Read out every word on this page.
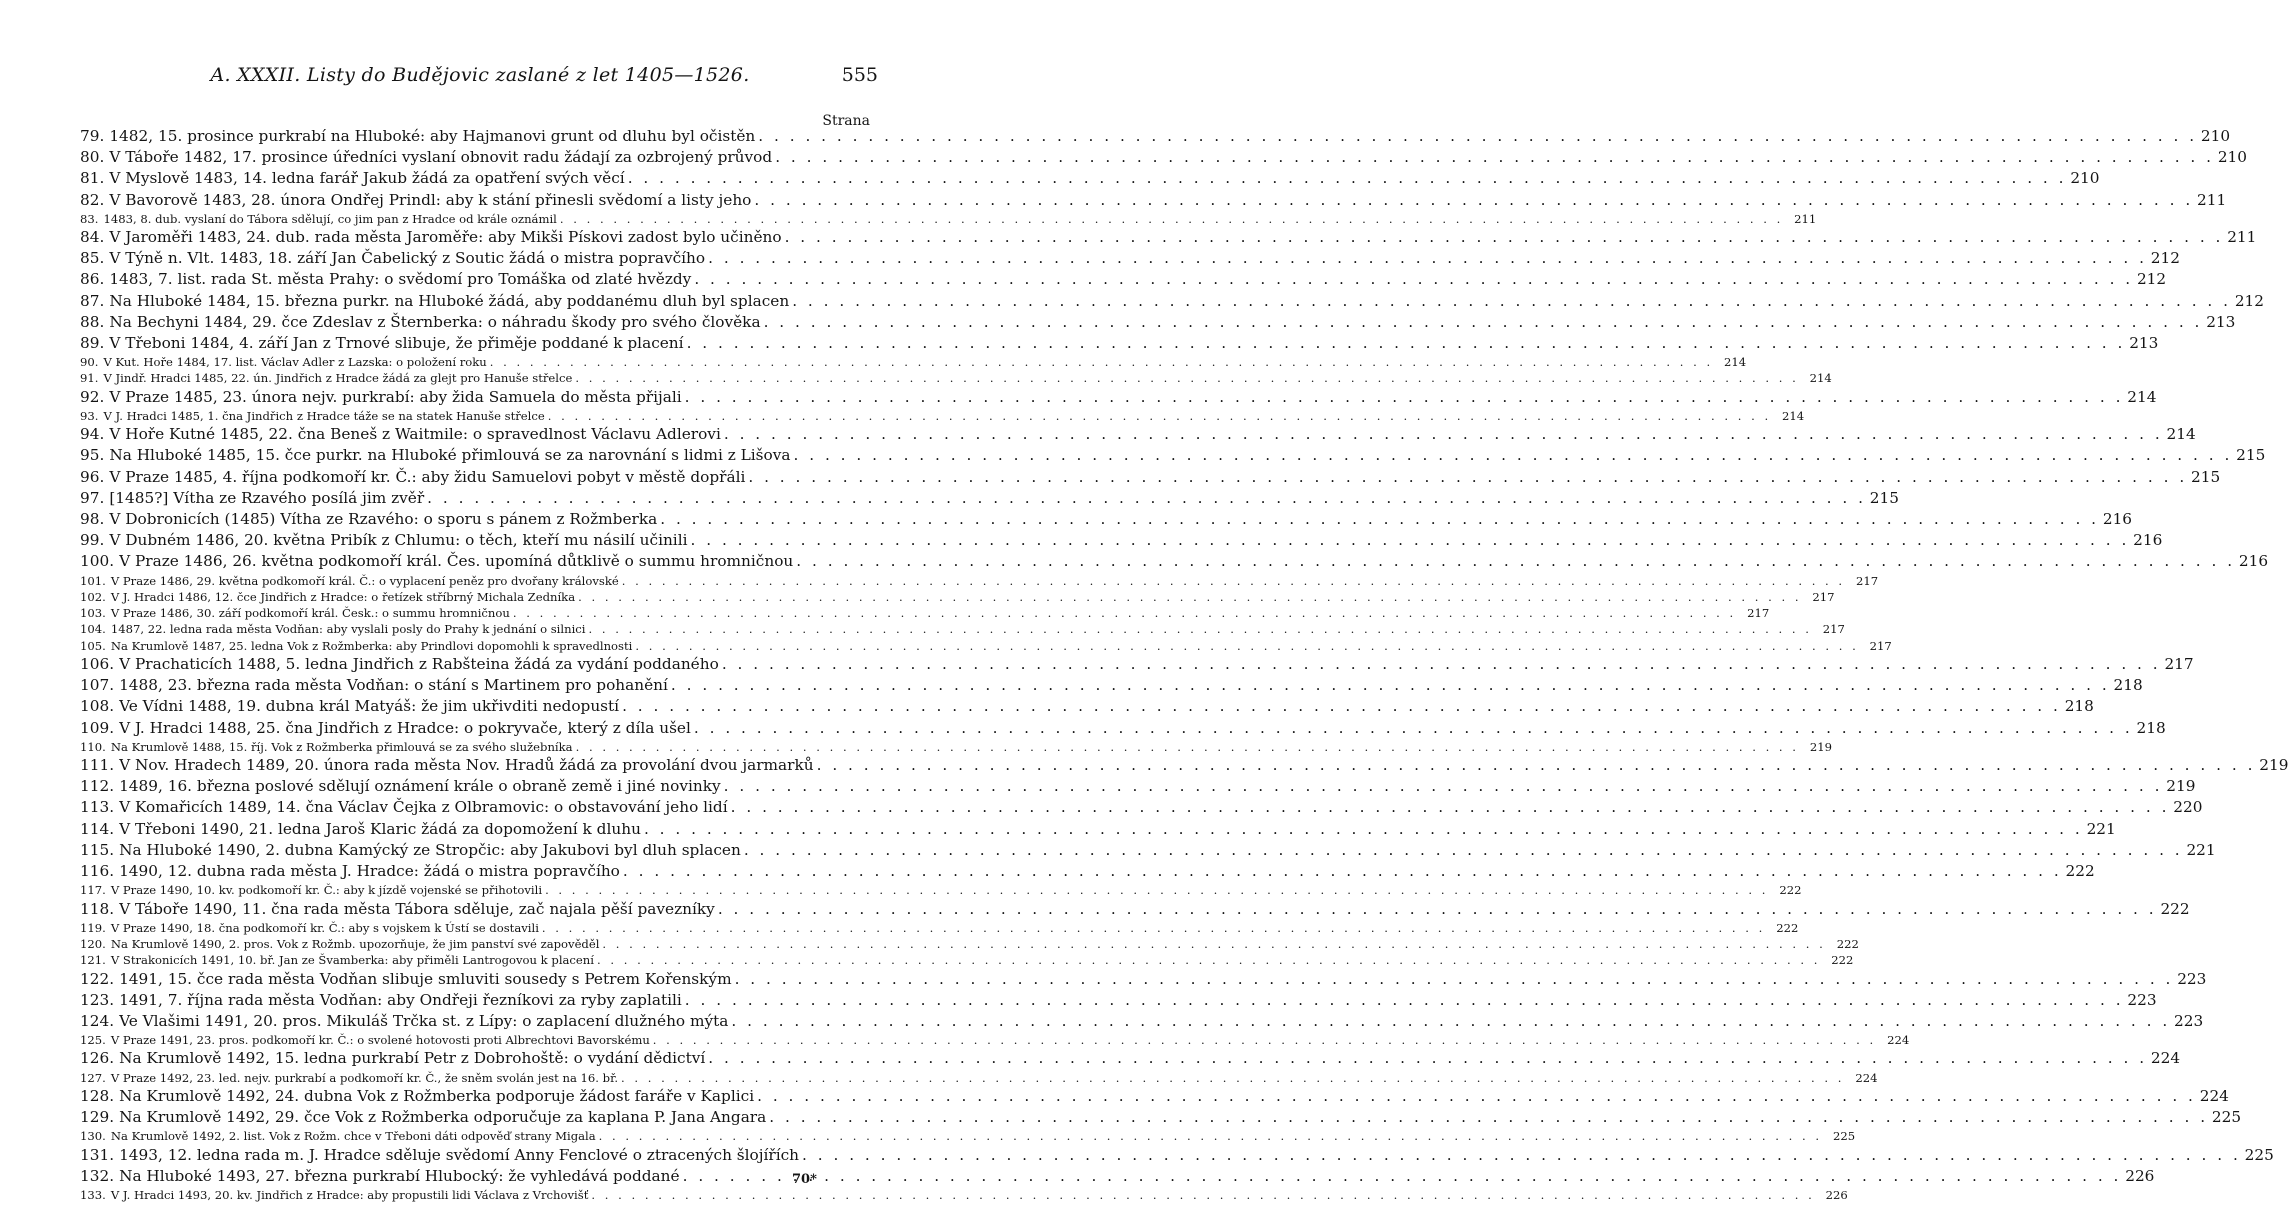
A. XXXII. Listy do Budějovic zaslané z let 1405—1526.	555
Strana
79. 1482, 15. prosince purkrabí na Hluboké: aby Hajmanovi grunt od dluhu byl očistěn . . .	210
80. V Táboře 1482, 17. prosince úředníci vyslaní obnovit radu žádají za ozbrojený průvod . . .	210
81. V Myslově 1483, 14. ledna farář Jakub žádá za opatření svých věcí . . .	210
82. V Bavorově 1483, 28. února Ondřej Prindl: aby k stání přinesli svědomí a listy jeho . . .	211
83. 1483, 8. dub. vyslaní do Tábora sdělují, co jim pan z Hradce od krále oznámil . . .	211
84. V Jaroměři 1483, 24. dub. rada města Jaroměře: aby Mikši Pískovi zadost bylo učiněno . . .	211
85. V Týně n. Vlt. 1483, 18. září Jan Čabelický z Soutic žádá o mistra popravčího . . .	212
86. 1483, 7. list. rada St. města Prahy: o svědomí pro Tomáška od zlaté hvězdy . . .	212
87. Na Hluboké 1484, 15. března purkr. na Hluboké žádá, aby poddanému dluh byl splacen . . .	212
88. Na Bechyni 1484, 29. čce Zdeslav z Šternberka: o náhradu škody pro svého člověka . . .	213
89. V Třeboni 1484, 4. září Jan z Trnové slibuje, že přiměje poddané k placení . . .	213
90. V Kut. Hoře 1484, 17. list. Václav Adler z Lazska: o položení roku . . .	214
91. V Jindř. Hradci 1485, 22. ún. Jindřich z Hradce žádá za glejt pro Hanuše střelce . . .	214
92. V Praze 1485, 23. února nejv. purkrabí: aby žida Samuela do města přijali . . .	214
93. V J. Hradci 1485, 1. čna Jindřich z Hradce táže se na statek Hanuše střelce . . .	214
94. V Hoře Kutné 1485, 22. čna Beneš z Waitmile: o spravedlnost Václavu Adlerovi . . .	214
95. Na Hluboké 1485, 15. čce purkr. na Hluboké přimlouvá se za narovnání s lidmi z Lišova . . .	215
96. V Praze 1485, 4. října podkomoří kr. Č.: aby židu Samuelovi pobyt v městě dopřáli . . .	215
97. [1485?] Vítha ze Rzavého posílá jim zvěř . . .	215
98. V Dobronicích (1485) Vítha ze Rzavého: o sporu s pánem z Rožmberka . . .	216
99. V Dubném 1486, 20. května Pribík z Chlumu: o těch, kteří mu násilí učinili . . .	216
100. V Praze 1486, 26. května podkomoří král. Čes. upomíná důtklivě o summu hromničnou . . .	216
101. V Praze 1486, 29. května podkomoří král. Č.: o vyplacení peněz pro dvořany královské . . .	217
102. V J. Hradci 1486, 12. čce Jindřich z Hradce: o řetízek stříbrný Michala Zedníka . . .	217
103. V Praze 1486, 30. září podkomoří král. Česk.: o summu hromničnou . . .	217
104. 1487, 22. ledna rada města Vodňan: aby vyslali posly do Prahy k jednání o silnici . . .	217
105. Na Krumlově 1487, 25. ledna Vok z Rožmberka: aby Prindlovi dopomohli k spravedlnosti . . .	217
106. V Prachaticích 1488, 5. ledna Jindřich z Rabšteina žádá za vydání poddaného . . .	217
107. 1488, 23. března rada města Vodňan: o stání s Martinem pro pohanění . . .	218
108. Ve Vídni 1488, 19. dubna král Matyáš: že jim ukřivditi nedopustí . . .	218
109. V J. Hradci 1488, 25. čna Jindřich z Hradce: o pokryvače, který z díla ušel . . .	218
110. Na Krumlově 1488, 15. říj. Vok z Rožmberka přimlouvá se za svého služebníka . . .	219
111. V Nov. Hradech 1489, 20. února rada města Nov. Hradů žádá za provolání dvou jarmarků . . .	219
112. 1489, 16. března poslové sdělují oznámení krále o obraně země i jiné novinky . . .	219
113. V Komařicích 1489, 14. čna Václav Čejka z Olbramovic: o obstavování jeho lidí . . .	220
114. V Třeboni 1490, 21. ledna Jaroš Klaric žádá za dopomožení k dluhu . . .	221
115. Na Hluboké 1490, 2. dubna Kamýcký ze Stropčic: aby Jakubovi byl dluh splacen . . .	221
116. 1490, 12. dubna rada města J. Hradce: žádá o mistra popravčího . . .	222
117. V Praze 1490, 10. kv. podkomoří kr. Č.: aby k jízdě vojenské se přihotovili . . .	222
118. V Táboře 1490, 11. čna rada města Tábora sděluje, zač najala pěší pavezníky . . .	222
119. V Praze 1490, 18. čna podkomoří kr. Č.: aby s vojskem k Ústí se dostavili . . .	222
120. Na Krumlově 1490, 2. pros. Vok z Rožmb. upozorňuje, že jim panství své zapověděl . . .	222
121. V Strakonicích 1491, 10. bř. Jan ze Švamberka: aby přiměli Lantrogovou k placení . . .	222
122. 1491, 15. čce rada města Vodňan slibuje smluviti sousedy s Petrem Kořenským . . .	223
123. 1491, 7. října rada města Vodňan: aby Ondřeji řezníkovi za ryby zaplatili . . .	223
124. Ve Vlašimi 1491, 20. pros. Mikuláš Trčka st. z Lípy: o zaplacení dlužného mýta . . .	223
125. V Praze 1491, 23. pros. podkomoří kr. Č.: o svolené hotovosti proti Albrechtovi Bavorskému . . .	224
126. Na Krumlově 1492, 15. ledna purkrabí Petr z Dobrohoště: o vydání dědictví . . .	224
127. V Praze 1492, 23. led. nejv. purkrabí a podkomoří kr. Č., že sněm svolán jest na 16. bř. . . .	224
128. Na Krumlově 1492, 24. dubna Vok z Rožmberka podporuje žádost faráře v Kaplici . . .	224
129. Na Krumlově 1492, 29. čce Vok z Rožmberka odporučuje za kaplana P. Jana Angara . . .	225
130. Na Krumlově 1492, 2. list. Vok z Rožm. chce v Třeboni dáti odpověď strany Migala . . .	225
131. 1493, 12. ledna rada m. J. Hradce sděluje svědomí Anny Fenclové o ztracených šlojířích . . .	225
132. Na Hluboké 1493, 27. března purkrabí Hlubocký: že vyhledává poddané . . .	226
133. V J. Hradci 1493, 20. kv. Jindřich z Hradce: aby propustili lidi Václava z Vrchovišť . . .	226
70*
